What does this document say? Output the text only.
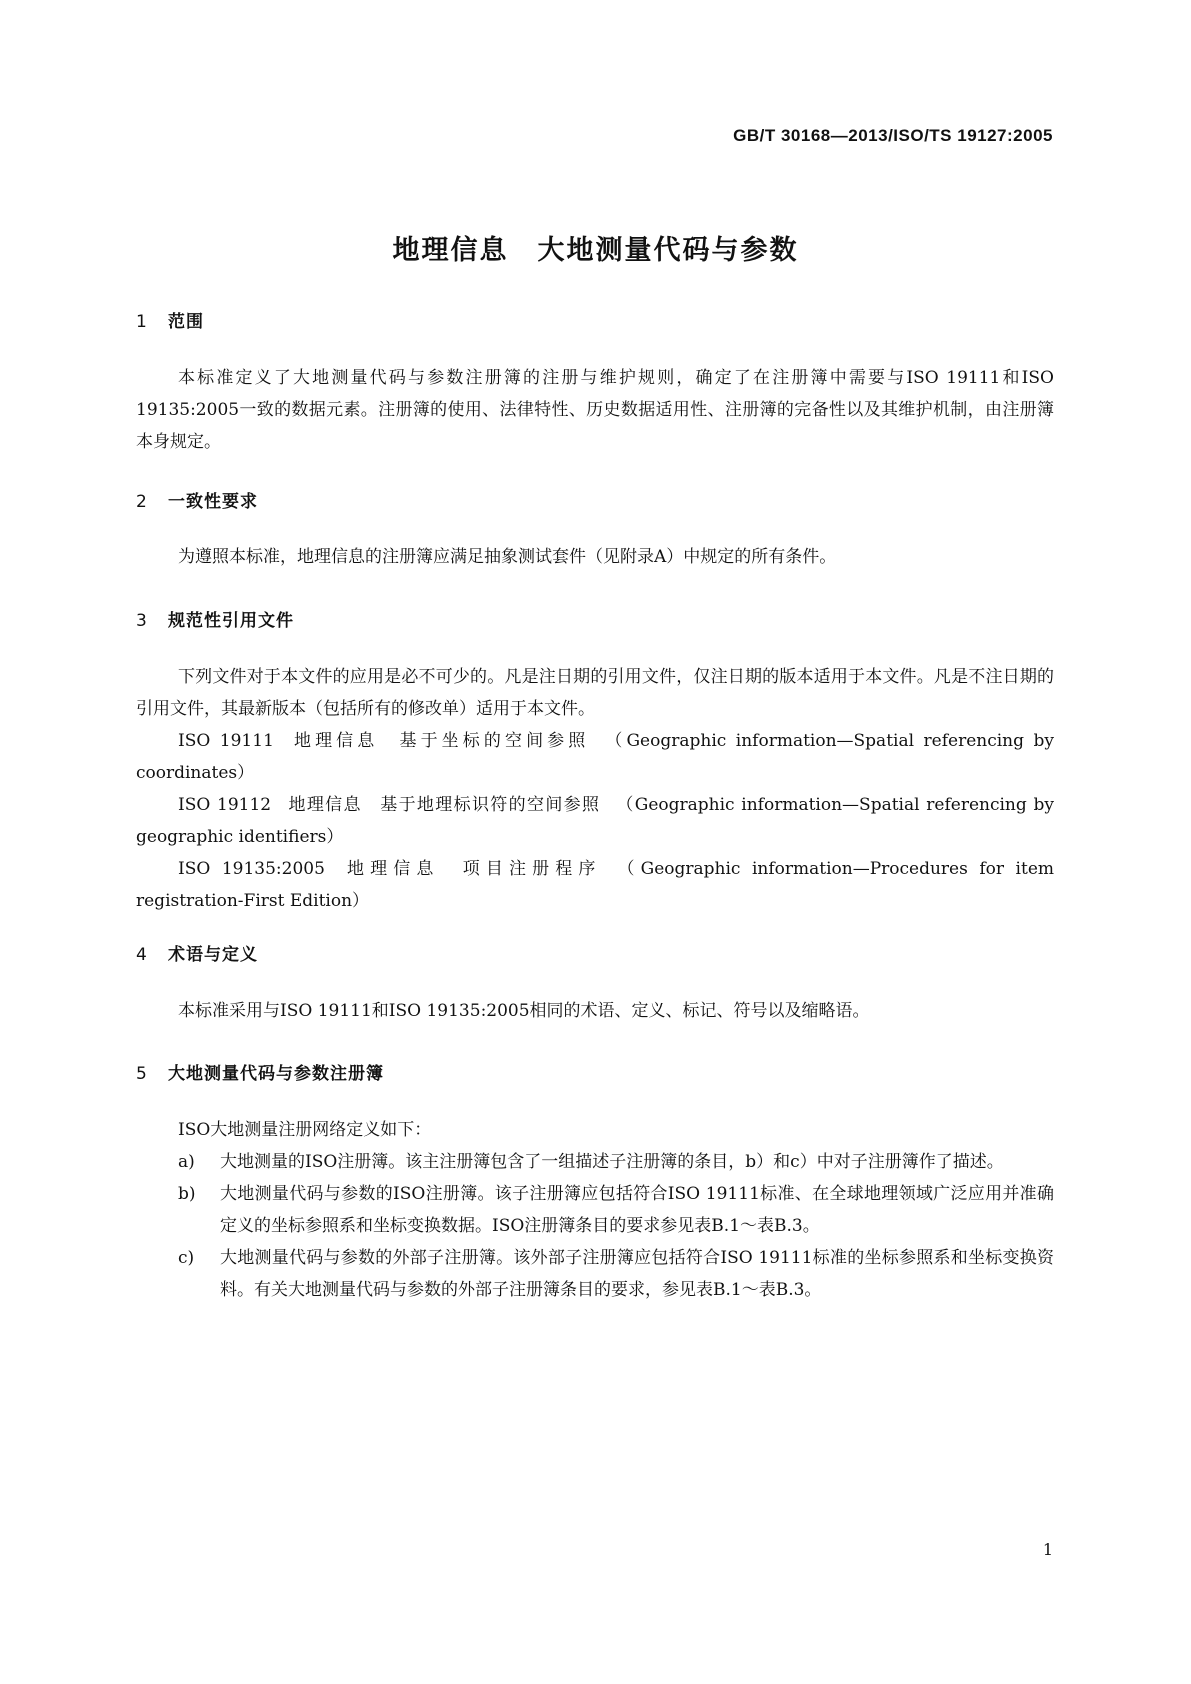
GB/T 30168—2013/ISO/TS 19127:2005
地理信息　大地测量代码与参数
1 范围

本标准定义了大地测量代码与参数注册簿的注册与维护规则，确定了在注册簿中需要与ISO 19111和ISO 19135:2005一致的数据元素。注册簿的使用、法律特性、历史数据适用性、注册簿的完备性以及其维护机制，由注册簿本身规定。

2 一致性要求

为遵照本标准，地理信息的注册簿应满足抽象测试套件（见附录A）中规定的所有条件。

3 规范性引用文件

下列文件对于本文件的应用是必不可少的。凡是注日期的引用文件，仅注日期的版本适用于本文件。凡是不注日期的引用文件，其最新版本（包括所有的修改单）适用于本文件。

ISO 19111 地理信息　基于坐标的空间参照 （Geographic information—Spatial referencing by coordinates）

ISO 19112 地理信息　基于地理标识符的空间参照 （Geographic information—Spatial referencing by geographic identifiers）

ISO 19135:2005 地理信息　项目注册程序 （Geographic information—Procedures for item registration-First Edition）

4 术语与定义

本标准采用与ISO 19111和ISO 19135:2005相同的术语、定义、标记、符号以及缩略语。

5 大地测量代码与参数注册簿

ISO大地测量注册网络定义如下：

a) 大地测量的ISO注册簿。该主注册簿包含了一组描述子注册簿的条目，b）和c）中对子注册簿作了描述。
b) 大地测量代码与参数的ISO注册簿。该子注册簿应包括符合ISO 19111标准、在全球地理领域广泛应用并准确定义的坐标参照系和坐标变换数据。ISO注册簿条目的要求参见表B.1～表B.3。
c) 大地测量代码与参数的外部子注册簿。该外部子注册簿应包括符合ISO 19111标准的坐标参照系和坐标变换资料。有关大地测量代码与参数的外部子注册簿条目的要求，参见表B.1～表B.3。
1
